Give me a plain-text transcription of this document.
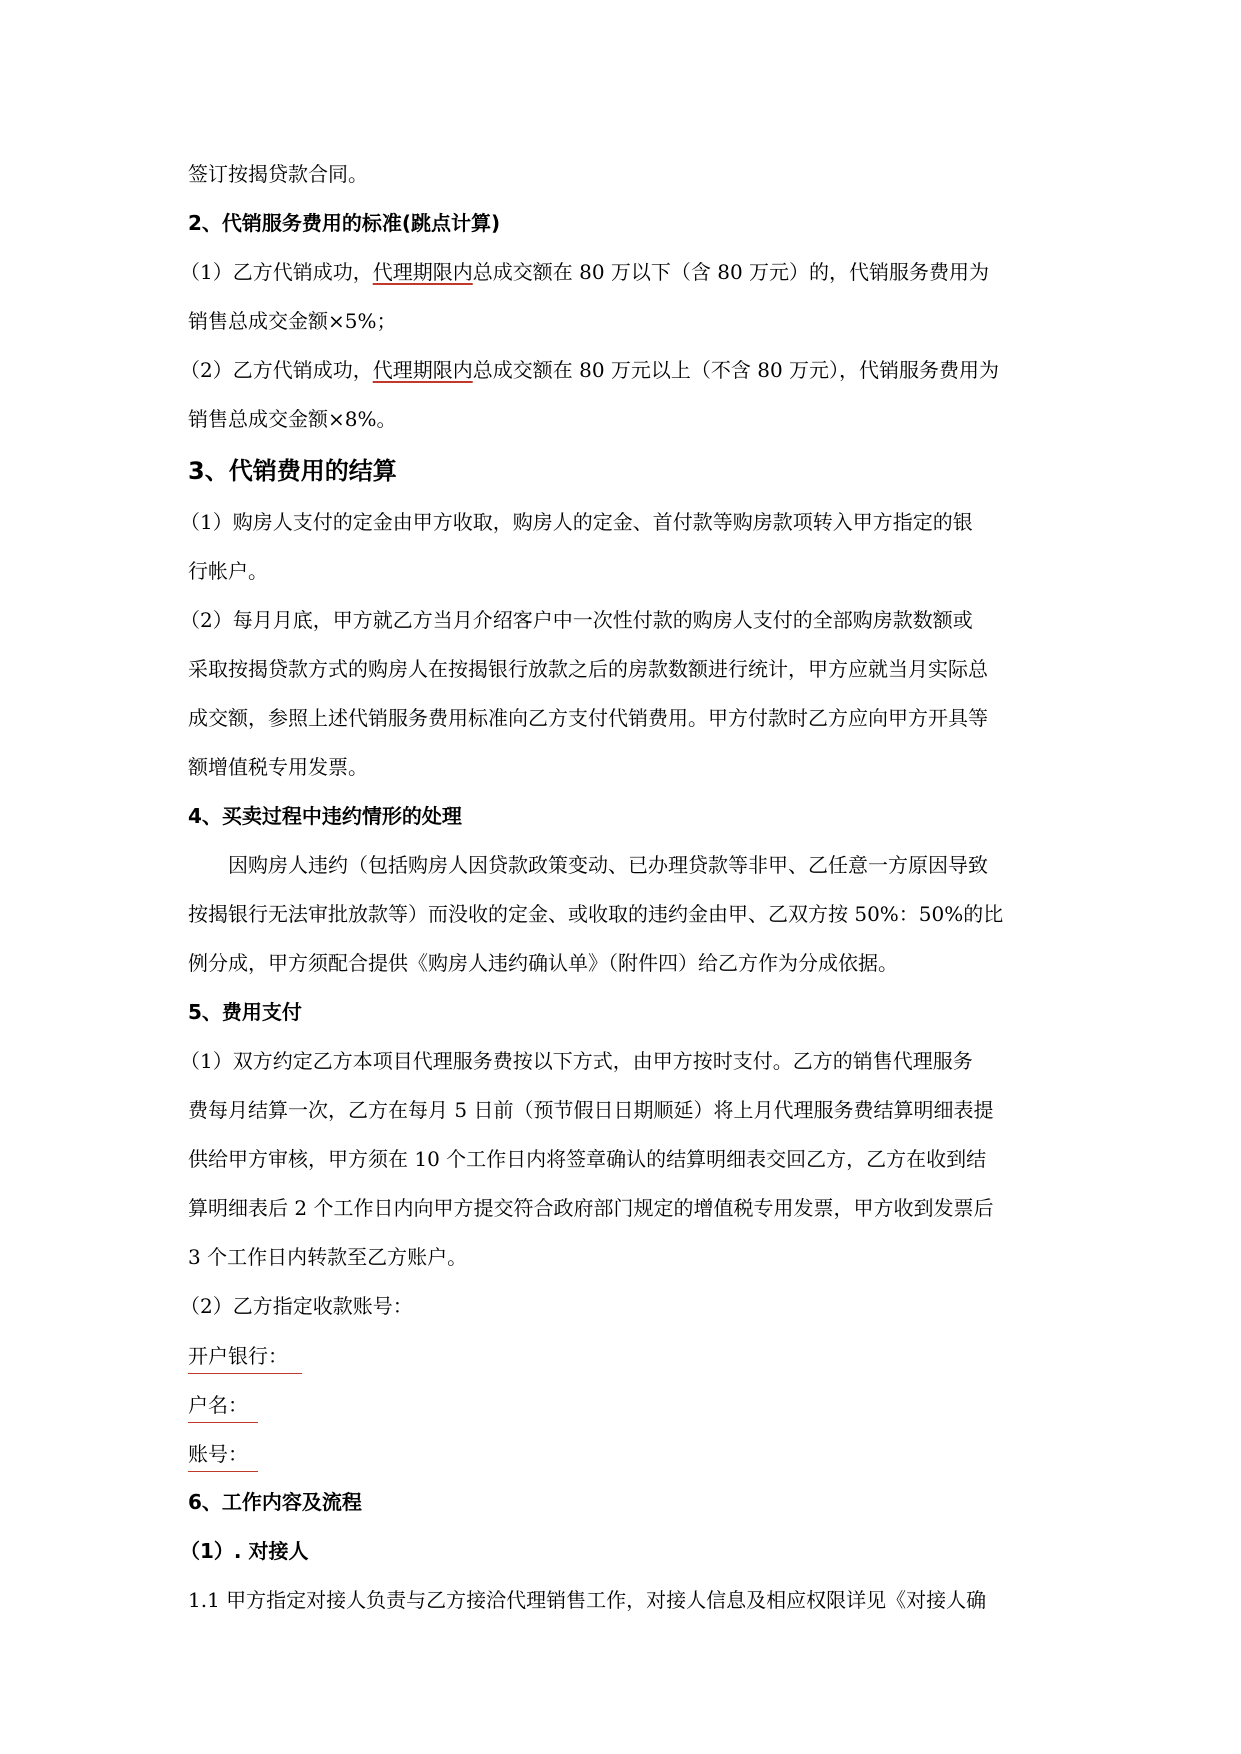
签订按揭贷款合同。

2、代销服务费用的标准(跳点计算)

（1）乙方代销成功，代理期限内总成交额在 80 万以下（含 80 万元）的，代销服务费用为

销售总成交金额×5%；

（2）乙方代销成功，代理期限内总成交额在 80 万元以上（不含 80 万元），代销服务费用为

销售总成交金额×8%。

3、代销费用的结算

（1）购房人支付的定金由甲方收取，购房人的定金、首付款等购房款项转入甲方指定的银

行帐户。

（2）每月月底，甲方就乙方当月介绍客户中一次性付款的购房人支付的全部购房款数额或

采取按揭贷款方式的购房人在按揭银行放款之后的房款数额进行统计，甲方应就当月实际总

成交额，参照上述代销服务费用标准向乙方支付代销费用。甲方付款时乙方应向甲方开具等

额增值税专用发票。

4、买卖过程中违约情形的处理

因购房人违约（包括购房人因贷款政策变动、已办理贷款等非甲、乙任意一方原因导致

按揭银行无法审批放款等）而没收的定金、或收取的违约金由甲、乙双方按 50%：50%的比

例分成，甲方须配合提供《购房人违约确认单》（附件四）给乙方作为分成依据。

5、费用支付

（1）双方约定乙方本项目代理服务费按以下方式，由甲方按时支付。乙方的销售代理服务

费每月结算一次，乙方在每月 5 日前（预节假日日期顺延）将上月代理服务费结算明细表提

供给甲方审核，甲方须在 10 个工作日内将签章确认的结算明细表交回乙方，乙方在收到结

算明细表后 2 个工作日内向甲方提交符合政府部门规定的增值税专用发票，甲方收到发票后

3 个工作日内转款至乙方账户。

（2）乙方指定收款账号：

开户银行：
户名：
账号：

6、工作内容及流程

（1）. 对接人

1.1 甲方指定对接人负责与乙方接洽代理销售工作，对接人信息及相应权限详见《对接人确
